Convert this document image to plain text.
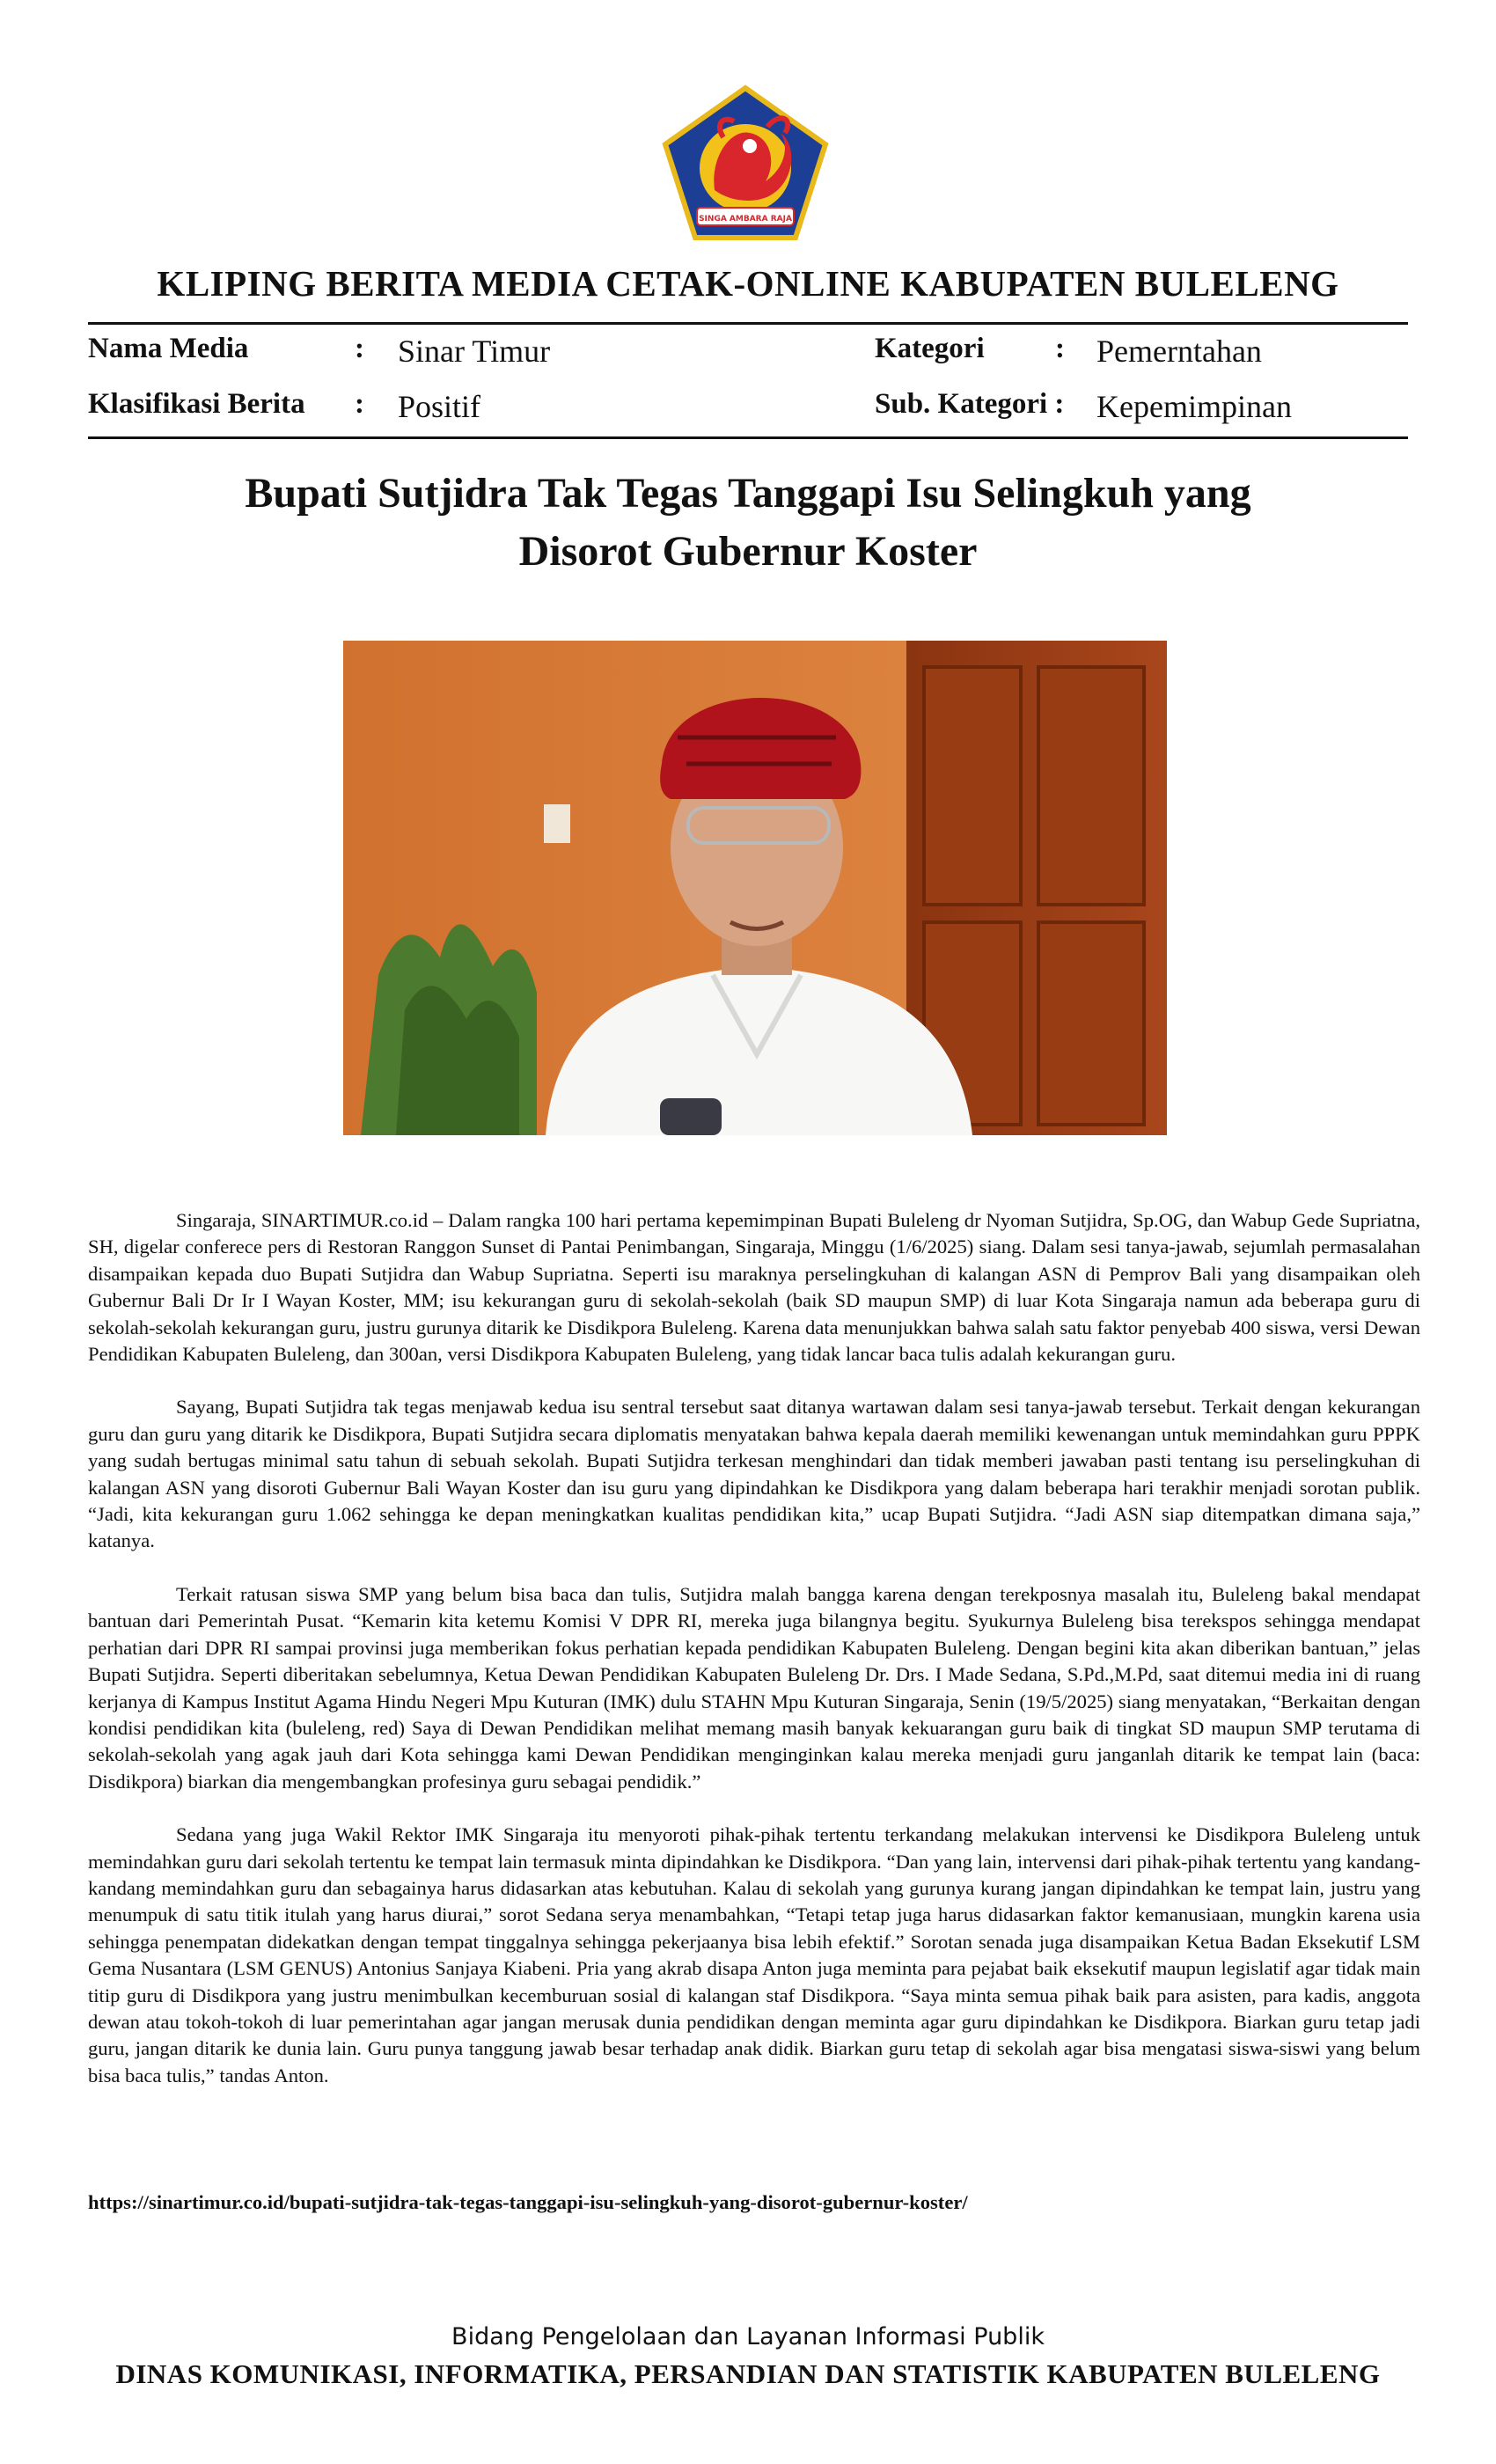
SINGA AMBARA RAJA
KLIPING BERITA MEDIA CETAK-ONLINE KABUPATEN BULELENG
Nama Media	: Sinar Timur
Klasifikasi Berita : Positif
Kategori : Pemerntahan
Sub. Kategori : Kepemimpinan
Bupati Sutjidra Tak Tegas Tanggapi Isu Selingkuh yang
Disorot Gubernur Koster

Singaraja, SINARTIMUR.co.id – Dalam rangka 100 hari pertama kepemimpinan Bupati Buleleng dr Nyoman Sutjidra, Sp.OG, dan Wabup Gede Supriatna, SH, digelar conferece pers di Restoran Ranggon Sunset di Pantai Penimbangan, Singaraja, Minggu (1/6/2025) siang. Dalam sesi tanya-jawab, sejumlah permasalahan disampaikan kepada duo Bupati Sutjidra dan Wabup Supriatna. Seperti isu maraknya perselingkuhan di kalangan ASN di Pemprov Bali yang disampaikan oleh Gubernur Bali Dr Ir I Wayan Koster, MM; isu kekurangan guru di sekolah-sekolah (baik SD maupun SMP) di luar Kota Singaraja namun ada beberapa guru di sekolah-sekolah kekurangan guru, justru gurunya ditarik ke Disdikpora Buleleng. Karena data menunjukkan bahwa salah satu faktor penyebab 400 siswa, versi Dewan Pendidikan Kabupaten Buleleng, dan 300an, versi Disdikpora Kabupaten Buleleng, yang tidak lancar baca tulis adalah kekurangan guru.

Sayang, Bupati Sutjidra tak tegas menjawab kedua isu sentral tersebut saat ditanya wartawan dalam sesi tanya-jawab tersebut. Terkait dengan kekurangan guru dan guru yang ditarik ke Disdikpora, Bupati Sutjidra secara diplomatis menyatakan bahwa kepala daerah memiliki kewenangan untuk memindahkan guru PPPK yang sudah bertugas minimal satu tahun di sebuah sekolah. Bupati Sutjidra terkesan menghindari dan tidak memberi jawaban pasti tentang isu perselingkuhan di kalangan ASN yang disoroti Gubernur Bali Wayan Koster dan isu guru yang dipindahkan ke Disdikpora yang dalam beberapa hari terakhir menjadi sorotan publik. “Jadi, kita kekurangan guru 1.062 sehingga ke depan meningkatkan kualitas pendidikan kita,” ucap Bupati Sutjidra. “Jadi ASN siap ditempatkan dimana saja,” katanya.

Terkait ratusan siswa SMP yang belum bisa baca dan tulis, Sutjidra malah bangga karena dengan terekposnya masalah itu, Buleleng bakal mendapat bantuan dari Pemerintah Pusat. “Kemarin kita ketemu Komisi V DPR RI, mereka juga bilangnya begitu. Syukurnya Buleleng bisa terekspos sehingga mendapat perhatian dari DPR RI sampai provinsi juga memberikan fokus perhatian kepada pendidikan Kabupaten Buleleng. Dengan begini kita akan diberikan bantuan,” jelas Bupati Sutjidra. Seperti diberitakan sebelumnya, Ketua Dewan Pendidikan Kabupaten Buleleng Dr. Drs. I Made Sedana, S.Pd.,M.Pd, saat ditemui media ini di ruang kerjanya di Kampus Institut Agama Hindu Negeri Mpu Kuturan (IMK) dulu STAHN Mpu Kuturan Singaraja, Senin (19/5/2025) siang menyatakan, “Berkaitan dengan kondisi pendidikan kita (buleleng, red) Saya di Dewan Pendidikan melihat memang masih banyak kekuarangan guru baik di tingkat SD maupun SMP terutama di sekolah-sekolah yang agak jauh dari Kota sehingga kami Dewan Pendidikan menginginkan kalau mereka menjadi guru janganlah ditarik ke tempat lain (baca: Disdikpora) biarkan dia mengembangkan profesinya guru sebagai pendidik.”

Sedana yang juga Wakil Rektor IMK Singaraja itu menyoroti pihak-pihak tertentu terkandang melakukan intervensi ke Disdikpora Buleleng untuk memindahkan guru dari sekolah tertentu ke tempat lain termasuk minta dipindahkan ke Disdikpora. “Dan yang lain, intervensi dari pihak-pihak tertentu yang kandang-kandang memindahkan guru dan sebagainya harus didasarkan atas kebutuhan. Kalau di sekolah yang gurunya kurang jangan dipindahkan ke tempat lain, justru yang menumpuk di satu titik itulah yang harus diurai,” sorot Sedana serya menambahkan, “Tetapi tetap juga harus didasarkan faktor kemanusiaan, mungkin karena usia sehingga penempatan didekatkan dengan tempat tinggalnya sehingga pekerjaanya bisa lebih efektif.” Sorotan senada juga disampaikan Ketua Badan Eksekutif LSM Gema Nusantara (LSM GENUS) Antonius Sanjaya Kiabeni. Pria yang akrab disapa Anton juga meminta para pejabat baik eksekutif maupun legislatif agar tidak main titip guru di Disdikpora yang justru menimbulkan kecemburuan sosial di kalangan staf Disdikpora. “Saya minta semua pihak baik para asisten, para kadis, anggota dewan atau tokoh-tokoh di luar pemerintahan agar jangan merusak dunia pendidikan dengan meminta agar guru dipindahkan ke Disdikpora. Biarkan guru tetap jadi guru, jangan ditarik ke dunia lain. Guru punya tanggung jawab besar terhadap anak didik. Biarkan guru tetap di sekolah agar bisa mengatasi siswa-siswi yang belum bisa baca tulis,” tandas Anton.

https://sinartimur.co.id/bupati-sutjidra-tak-tegas-tanggapi-isu-selingkuh-yang-disorot-gubernur-koster/
Bidang Pengelolaan dan Layanan Informasi Publik
DINAS KOMUNIKASI, INFORMATIKA, PERSANDIAN DAN STATISTIK KABUPATEN BULELENG
